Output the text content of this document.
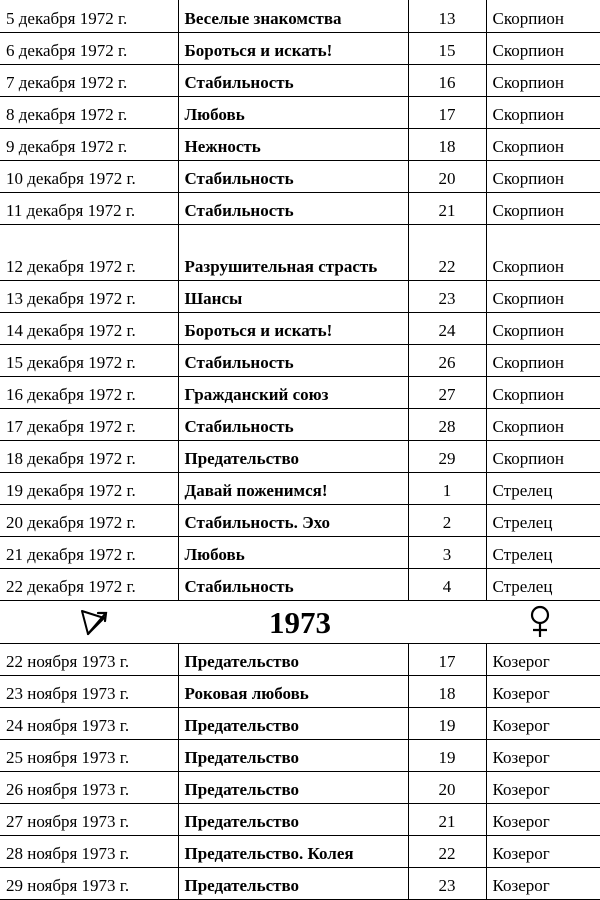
5 декабря 1972 г.	Веселые знакомства	13	Скорпион
6 декабря 1972 г.	Бороться и искать!	15	Скорпион
7 декабря 1972 г.	Стабильность	16	Скорпион
8 декабря 1972 г.	Любовь	17	Скорпион
9 декабря 1972 г.	Нежность	18	Скорпион
10 декабря 1972 г.	Стабильность	20	Скорпион
11 декабря 1972 г.	Стабильность	21	Скорпион
12 декабря 1972 г.	Разрушительная страсть	22	Скорпион
13 декабря 1972 г.	Шансы	23	Скорпион
14 декабря 1972 г.	Бороться и искать!	24	Скорпион
15 декабря 1972 г.	Стабильность	26	Скорпион
16 декабря 1972 г.	Гражданский союз	27	Скорпион
17 декабря 1972 г.	Стабильность	28	Скорпион
18 декабря 1972 г.	Предательство	29	Скорпион
19 декабря 1972 г.	Давай поженимся!	1	Стрелец
20 декабря 1972 г.	Стабильность. Эхо	2	Стрелец
21 декабря 1972 г.	Любовь	3	Стрелец
22 декабря 1972 г.	Стабильность	4	Стрелец
1973
22 ноября 1973 г.	Предательство	17	Козерог
23 ноября 1973 г.	Роковая любовь	18	Козерог
24 ноября 1973 г.	Предательство	19	Козерог
25 ноября 1973 г.	Предательство	19	Козерог
26 ноября 1973 г.	Предательство	20	Козерог
27 ноября 1973 г.	Предательство	21	Козерог
28 ноября 1973 г.	Предательство. Колея	22	Козерог
29 ноября 1973 г.	Предательство	23	Козерог
